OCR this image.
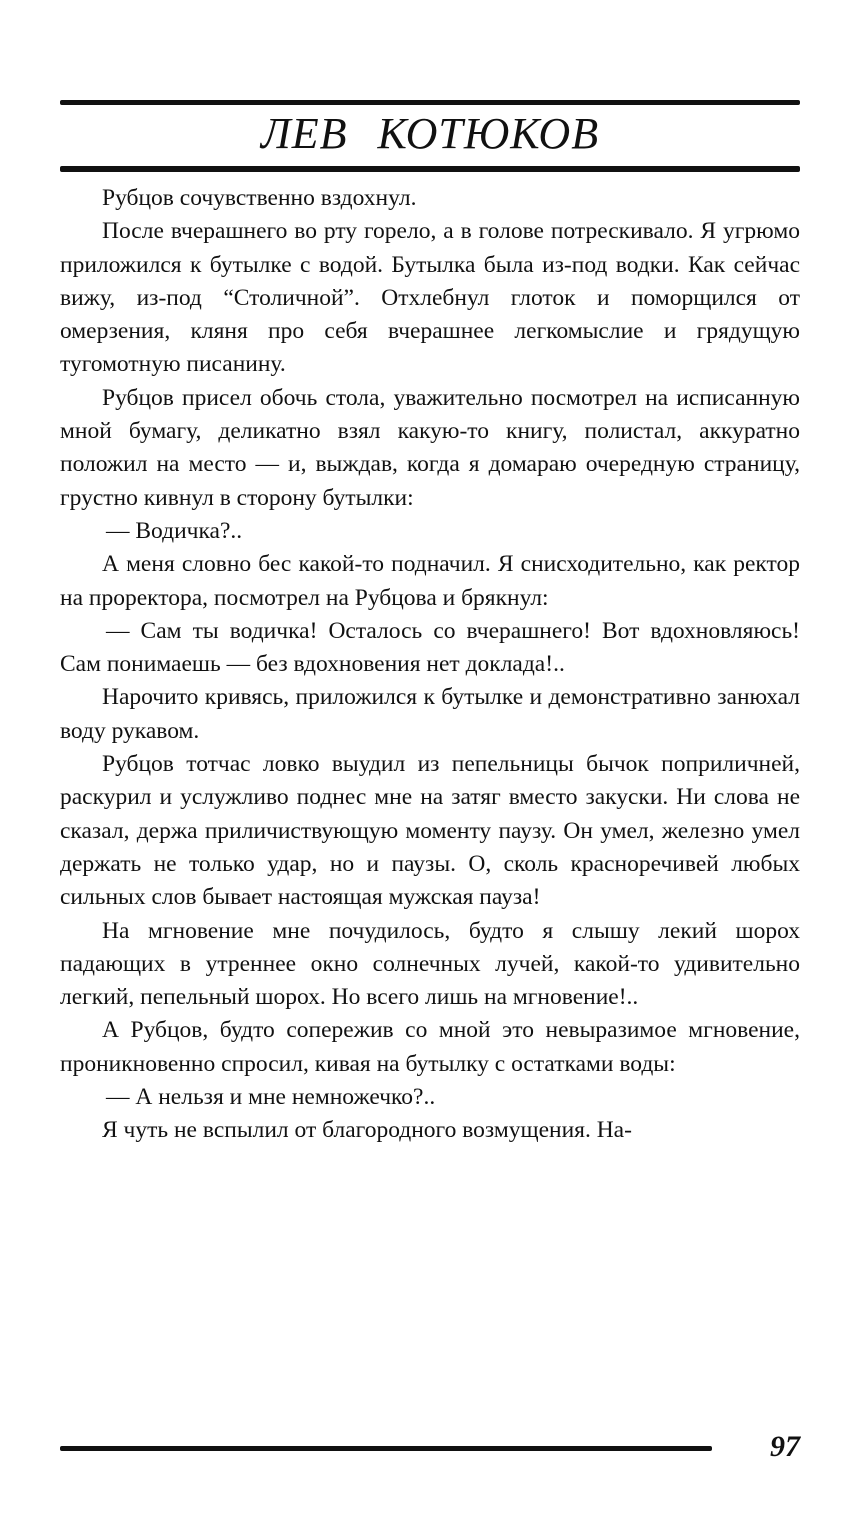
ЛЕВ КОТЮКОВ

Рубцов сочувственно вздохнул.

После вчерашнего во рту горело, а в голове потрескивало. Я угрюмо приложился к бутылке с водой. Бутылка была из-под водки. Как сейчас вижу, из-под “Столичной”. Отхлебнул глоток и поморщился от омерзения, кляня про себя вчерашнее легкомыслие и грядущую тугомотную писанину.

Рубцов присел обочь стола, уважительно посмотрел на исписанную мной бумагу, деликатно взял какую-то книгу, полистал, аккуратно положил на место — и, выждав, когда я домараю очередную страницу, грустно кивнул в сторону бутылки:

— Водичка?..

А меня словно бес какой-то подначил. Я снисходительно, как ректор на проректора, посмотрел на Рубцова и брякнул:

— Сам ты водичка! Осталось со вчерашнего! Вот вдохновляюсь! Сам понимаешь — без вдохновения нет доклада!..

Нарочито кривясь, приложился к бутылке и демонстративно занюхал воду рукавом.

Рубцов тотчас ловко выудил из пепельницы бычок поприличней, раскурил и услужливо поднес мне на затяг вместо закуски. Ни слова не сказал, держа приличиствующую моменту паузу. Он умел, железно умел держать не только удар, но и паузы. О, сколь красноречивей любых сильных слов бывает настоящая мужская пауза!

На мгновение мне почудилось, будто я слышу лекий шорох падающих в утреннее окно солнечных лучей, какой-то удивительно легкий, пепельный шорох. Но всего лишь на мгновение!..

А Рубцов, будто сопережив со мной это невыразимое мгновение, проникновенно спросил, кивая на бутылку с остатками воды:

— А нельзя и мне немножечко?..

Я чуть не вспылил от благородного возмущения. На-

97
